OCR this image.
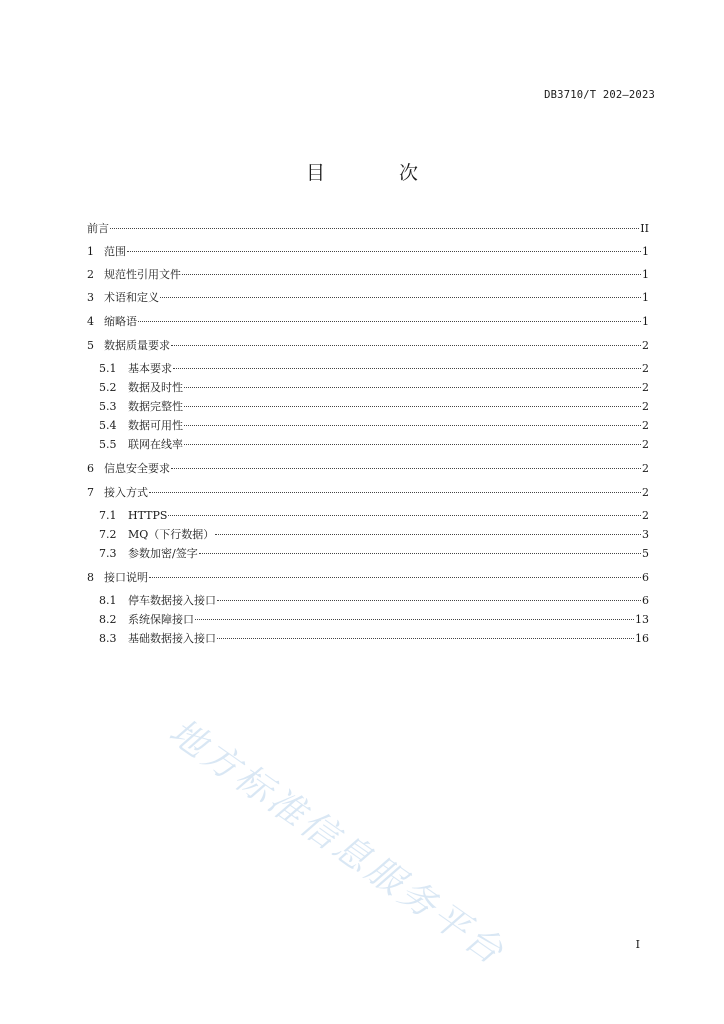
DB3710/T 202—2023
目 次
前言	II
1 范围	1
2 规范性引用文件	1
3 术语和定义	1
4 缩略语	1
5 数据质量要求	2
5.1	基本要求	2
5.2	数据及时性	2
5.3	数据完整性	2
5.4	数据可用性	2
5.5	联网在线率	2
6 信息安全要求	2
7 接入方式	2
7.1	HTTPS	2
7.2	MQ（下行数据）	3
7.3	参数加密/签字	5
8 接口说明	6
8.1	停车数据接入接口	6
8.2	系统保障接口	13
8.3	基础数据接入接口	16
地方标准信息服务平台	I
